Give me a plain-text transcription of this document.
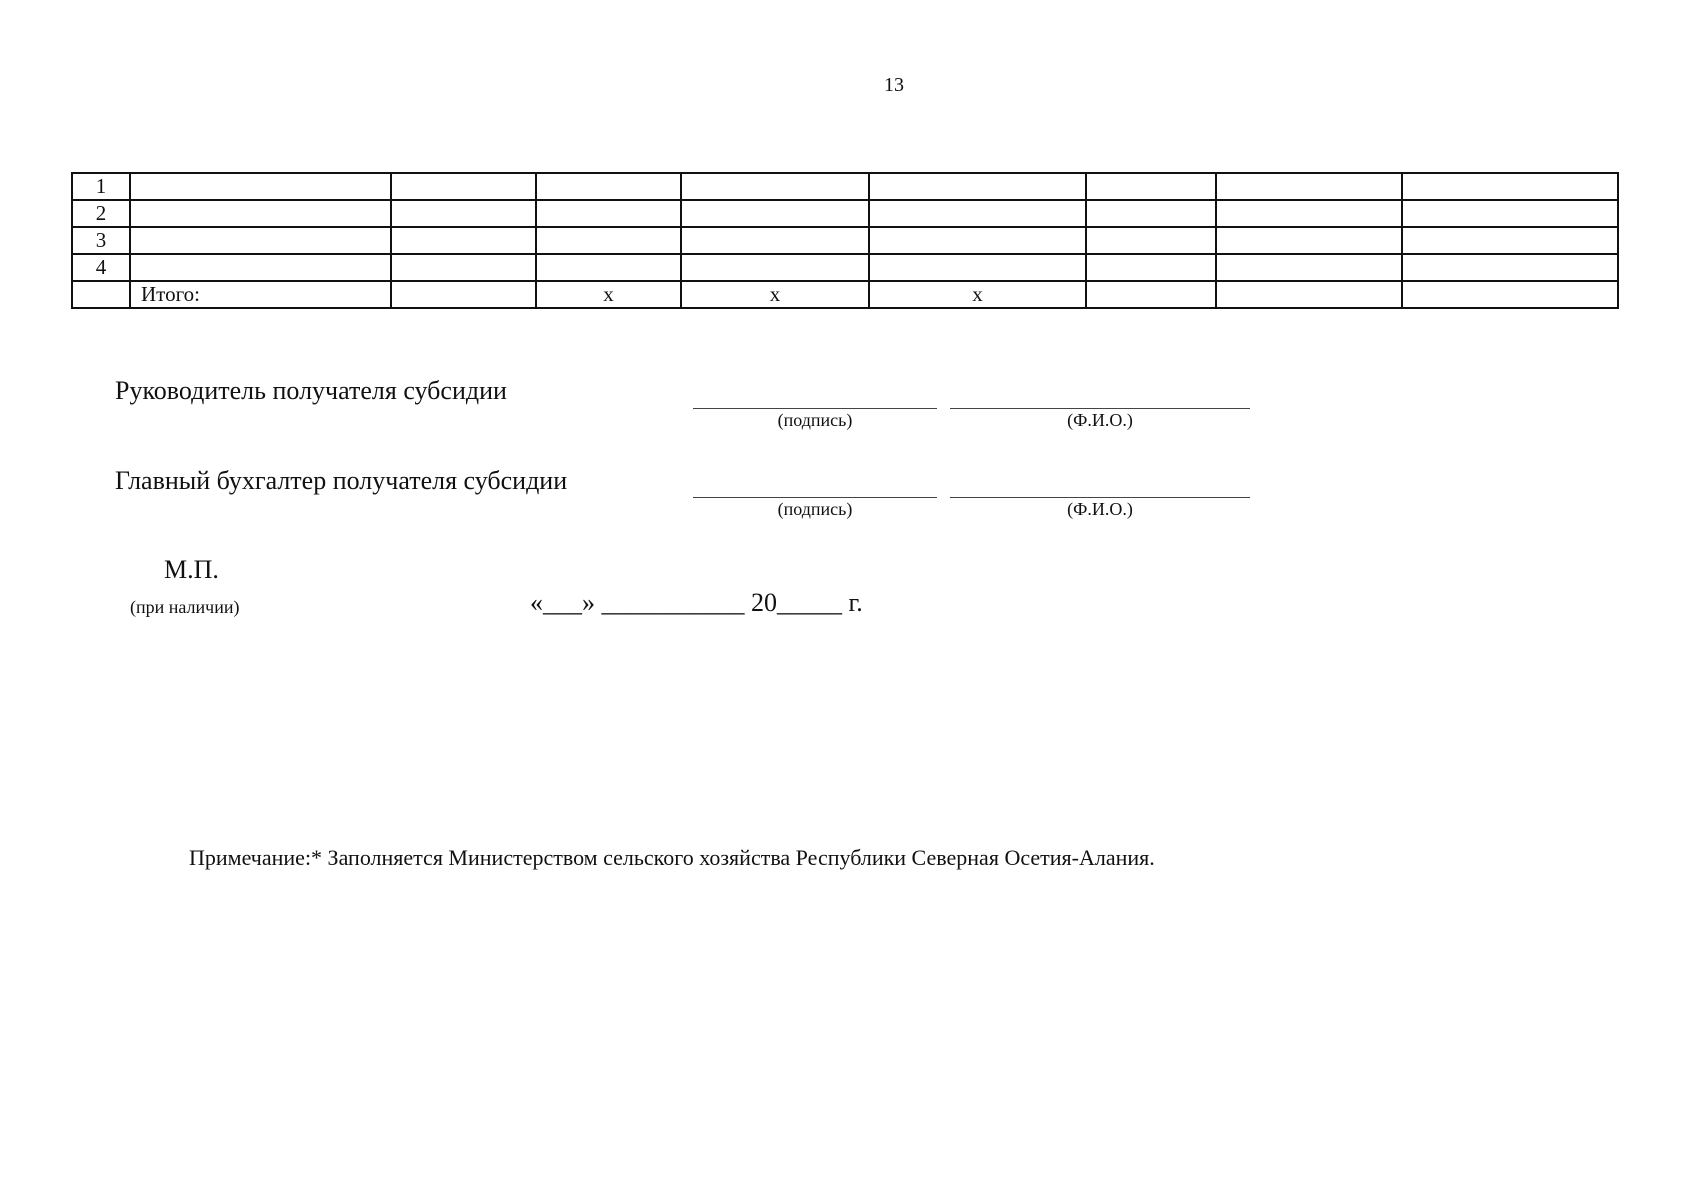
13
1								
2								
3								
4								
	Итого:		x	x	x			
Руководитель получателя субсидии
(подпись)	(Ф.И.О.)
Главный бухгалтер получателя субсидии
(подпись)	(Ф.И.О.)
М.П.
(при наличии)	«___» ___________ 20_____ г.
Примечание:* Заполняется Министерством сельского хозяйства Республики Северная Осетия-Алания.
